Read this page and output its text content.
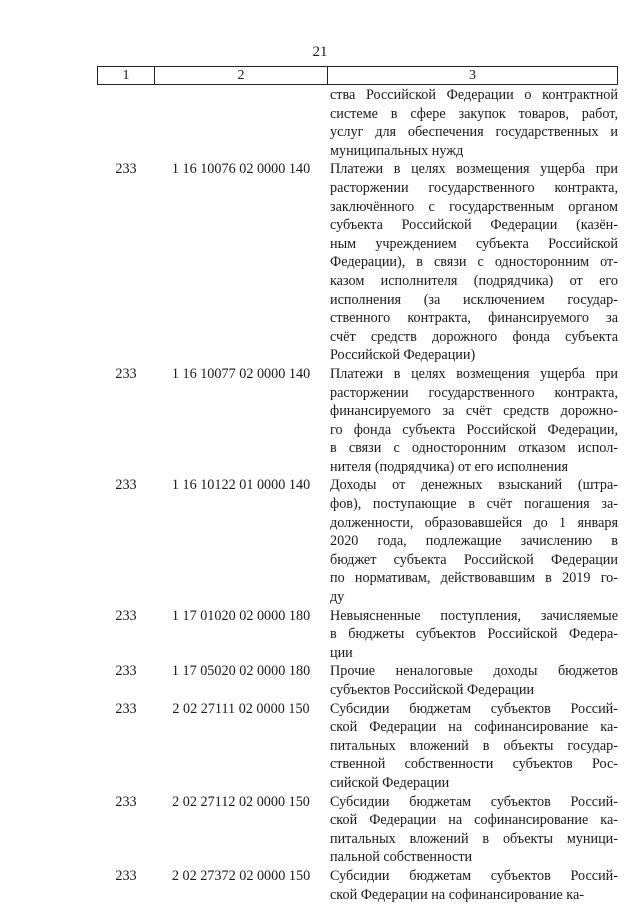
21
1	2	3
ства Российской Федерации о контрактной
системе в сфере закупок товаров, работ,
услуг для обеспечения государственных и
муниципальных нужд
233	1 16 10076 02 0000 140	Платежи в целях возмещения ущерба при
расторжении государственного контракта,
заключённого с государственным органом
субъекта Российской Федерации (казён-
ным учреждением субъекта Российской
Федерации), в связи с односторонним от-
казом исполнителя (подрядчика) от его
исполнения (за исключением государ-
ственного контракта, финансируемого за
счёт средств дорожного фонда субъекта
Российской Федерации)
233	1 16 10077 02 0000 140	Платежи в целях возмещения ущерба при
расторжении государственного контракта,
финансируемого за счёт средств дорожно-
го фонда субъекта Российской Федерации,
в связи с односторонним отказом испол-
нителя (подрядчика) от его исполнения
233	1 16 10122 01 0000 140	Доходы от денежных взысканий (штра-
фов), поступающие в счёт погашения за-
долженности, образовавшейся до 1 января
2020 года, подлежащие зачислению в
бюджет субъекта Российской Федерации
по нормативам, действовавшим в 2019 го-
ду
233	1 17 01020 02 0000 180	Невыясненные поступления, зачисляемые
в бюджеты субъектов Российской Федера-
ции
233	1 17 05020 02 0000 180	Прочие неналоговые доходы бюджетов
субъектов Российской Федерации
233	2 02 27111 02 0000 150	Субсидии бюджетам субъектов Россий-
ской Федерации на софинансирование ка-
питальных вложений в объекты государ-
ственной собственности субъектов Рос-
сийской Федерации
233	2 02 27112 02 0000 150	Субсидии бюджетам субъектов Россий-
ской Федерации на софинансирование ка-
питальных вложений в объекты муници-
пальной собственности
233	2 02 27372 02 0000 150	Субсидии бюджетам субъектов Россий-
ской Федерации на софинансирование ка-
